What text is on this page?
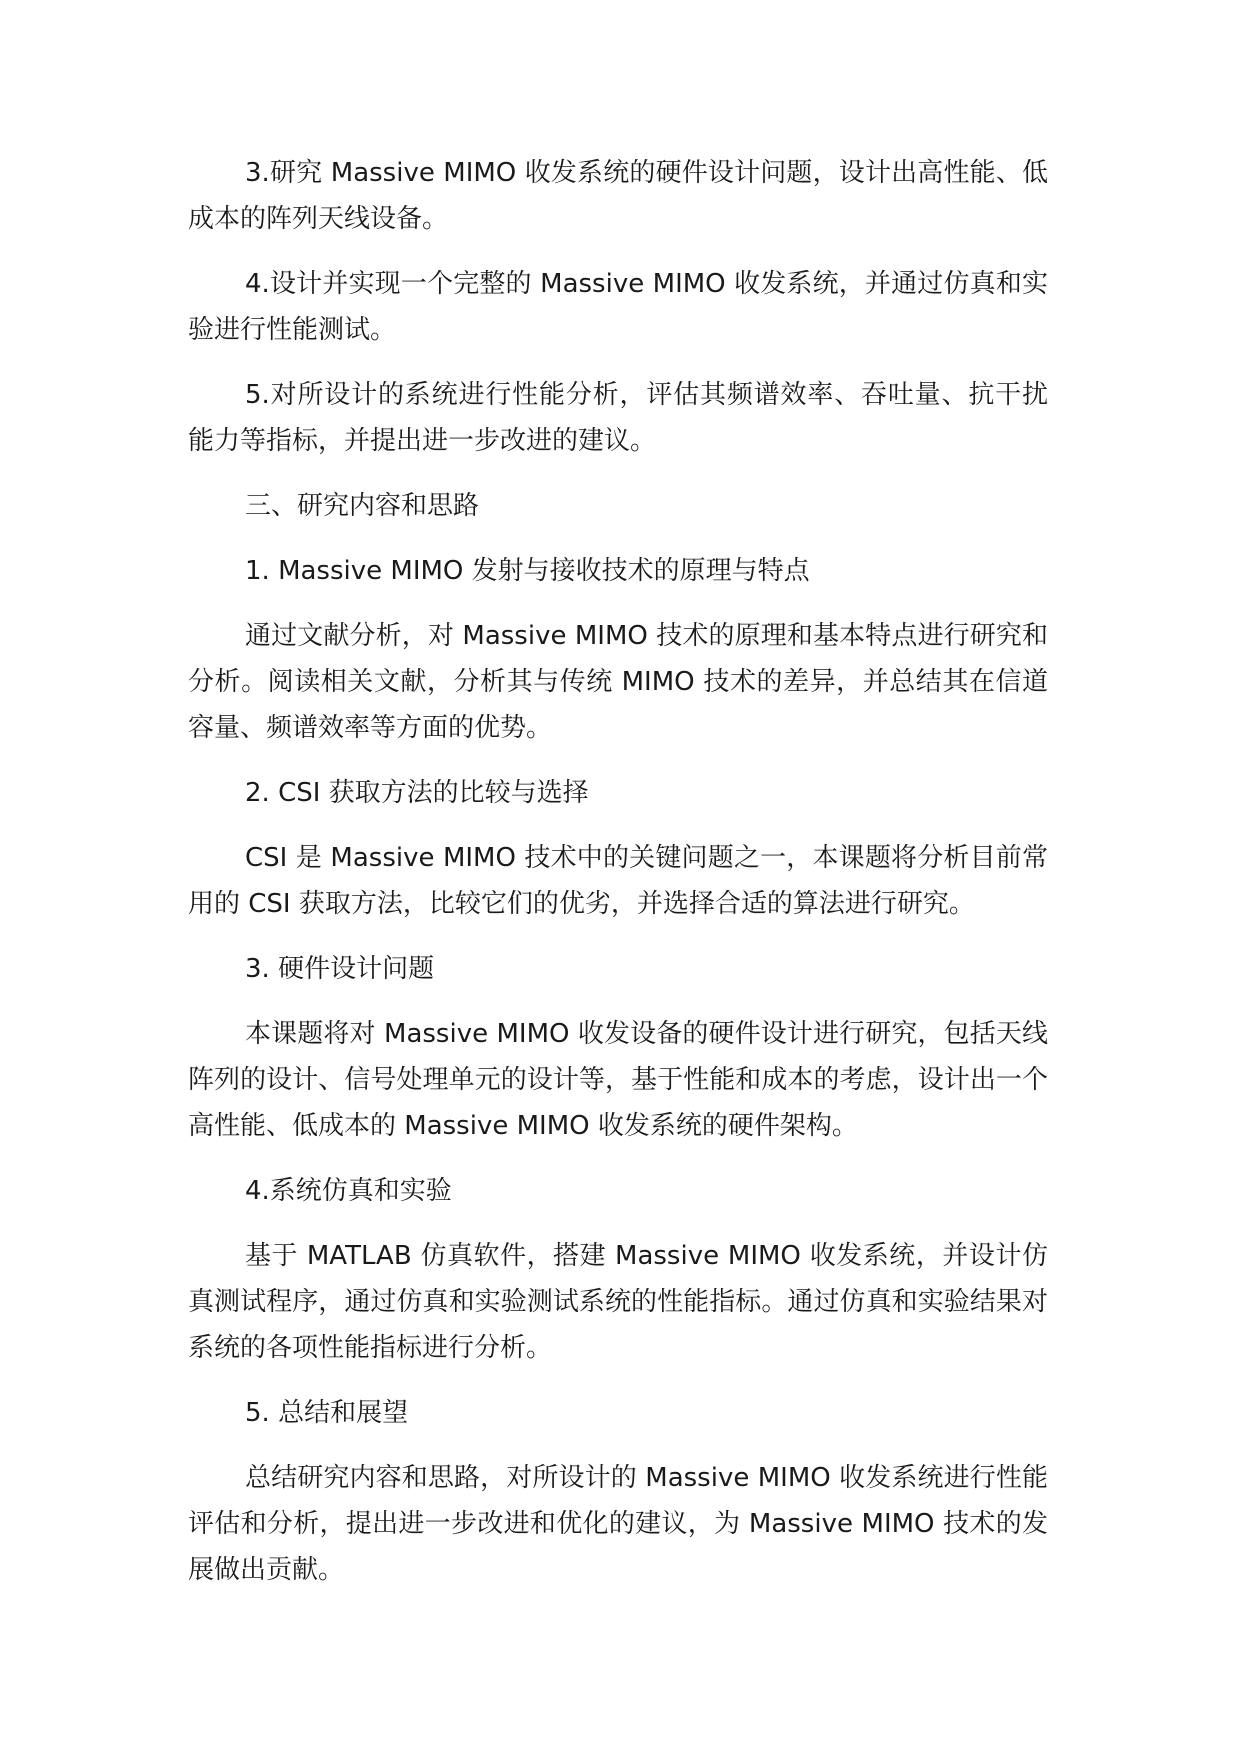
3.研究 Massive MIMO 收发系统的硬件设计问题，设计出高性能、低成本的阵列天线设备。

4.设计并实现一个完整的 Massive MIMO 收发系统，并通过仿真和实验进行性能测试。

5.对所设计的系统进行性能分析，评估其频谱效率、吞吐量、抗干扰能力等指标，并提出进一步改进的建议。

三、研究内容和思路

1. Massive MIMO 发射与接收技术的原理与特点

通过文献分析，对 Massive MIMO 技术的原理和基本特点进行研究和分析。阅读相关文献，分析其与传统 MIMO 技术的差异，并总结其在信道容量、频谱效率等方面的优势。

2. CSI 获取方法的比较与选择

CSI 是 Massive MIMO 技术中的关键问题之一，本课题将分析目前常用的 CSI 获取方法，比较它们的优劣，并选择合适的算法进行研究。

3. 硬件设计问题

本课题将对 Massive MIMO 收发设备的硬件设计进行研究，包括天线阵列的设计、信号处理单元的设计等，基于性能和成本的考虑，设计出一个高性能、低成本的 Massive MIMO 收发系统的硬件架构。

4.系统仿真和实验

基于 MATLAB 仿真软件，搭建 Massive MIMO 收发系统，并设计仿真测试程序，通过仿真和实验测试系统的性能指标。通过仿真和实验结果对系统的各项性能指标进行分析。

5. 总结和展望

总结研究内容和思路，对所设计的 Massive MIMO 收发系统进行性能评估和分析，提出进一步改进和优化的建议，为 Massive MIMO 技术的发展做出贡献。
